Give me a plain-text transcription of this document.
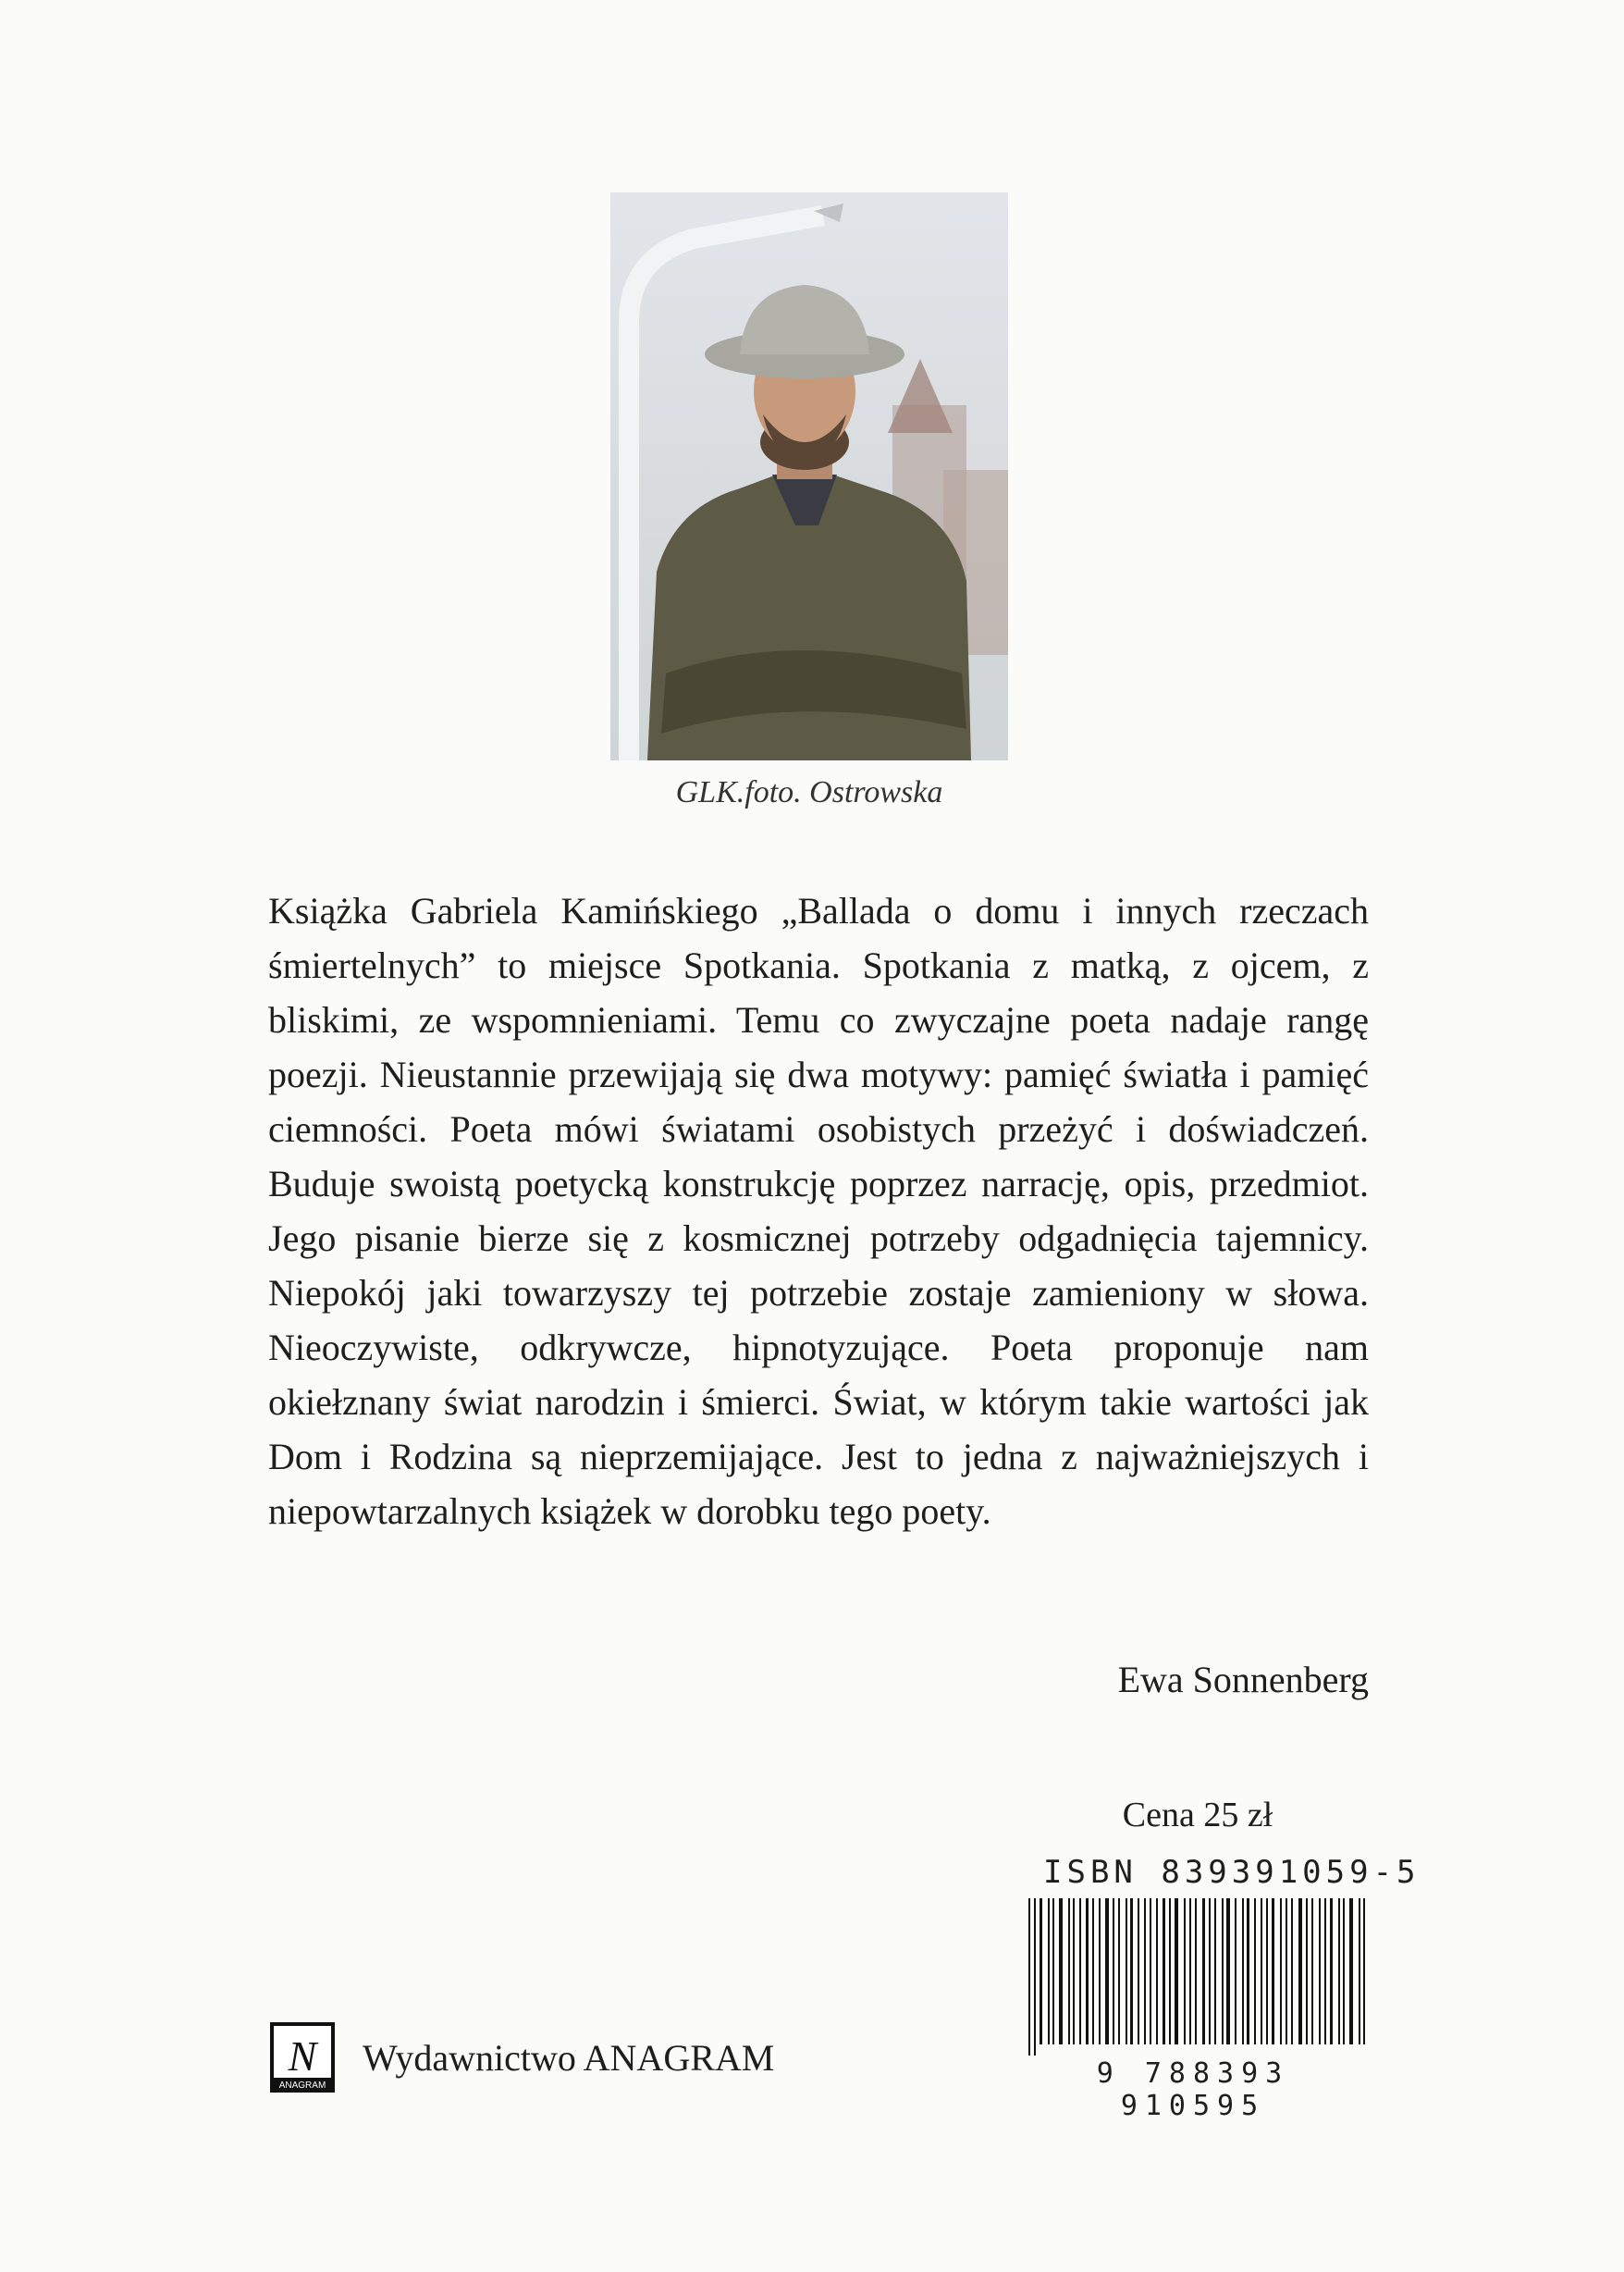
GLK.foto. Ostrowska

Książka Gabriela Kamińskiego „Ballada o domu i innych rzeczach śmiertelnych” to miejsce Spotkania. Spotkania z matką, z ojcem, z bliskimi, ze wspomnieniami. Temu co zwyczajne poeta nadaje rangę poezji. Nieustannie przewijają się dwa motywy: pamięć światła i pamięć ciemności. Poeta mówi światami osobistych przeżyć i doświadczeń. Buduje swoistą poetycką konstrukcję poprzez narrację, opis, przedmiot. Jego pisanie bierze się z kosmicznej potrzeby odgadnięcia tajemnicy. Niepokój jaki towarzyszy tej potrzebie zostaje zamieniony w słowa. Nieoczywiste, odkrywcze, hipnotyzujące. Poeta proponuje nam okiełznany świat narodzin i śmierci. Świat, w którym takie wartości jak Dom i Rodzina są nieprzemijające. Jest to jedna z najważniejszych i niepowtarzalnych książek w dorobku tego poety.

Ewa Sonnenberg
Cena 25 zł
ISBN 839391059-5
9 788393 910595
N
ANAGRAM
Wydawnictwo ANAGRAM
